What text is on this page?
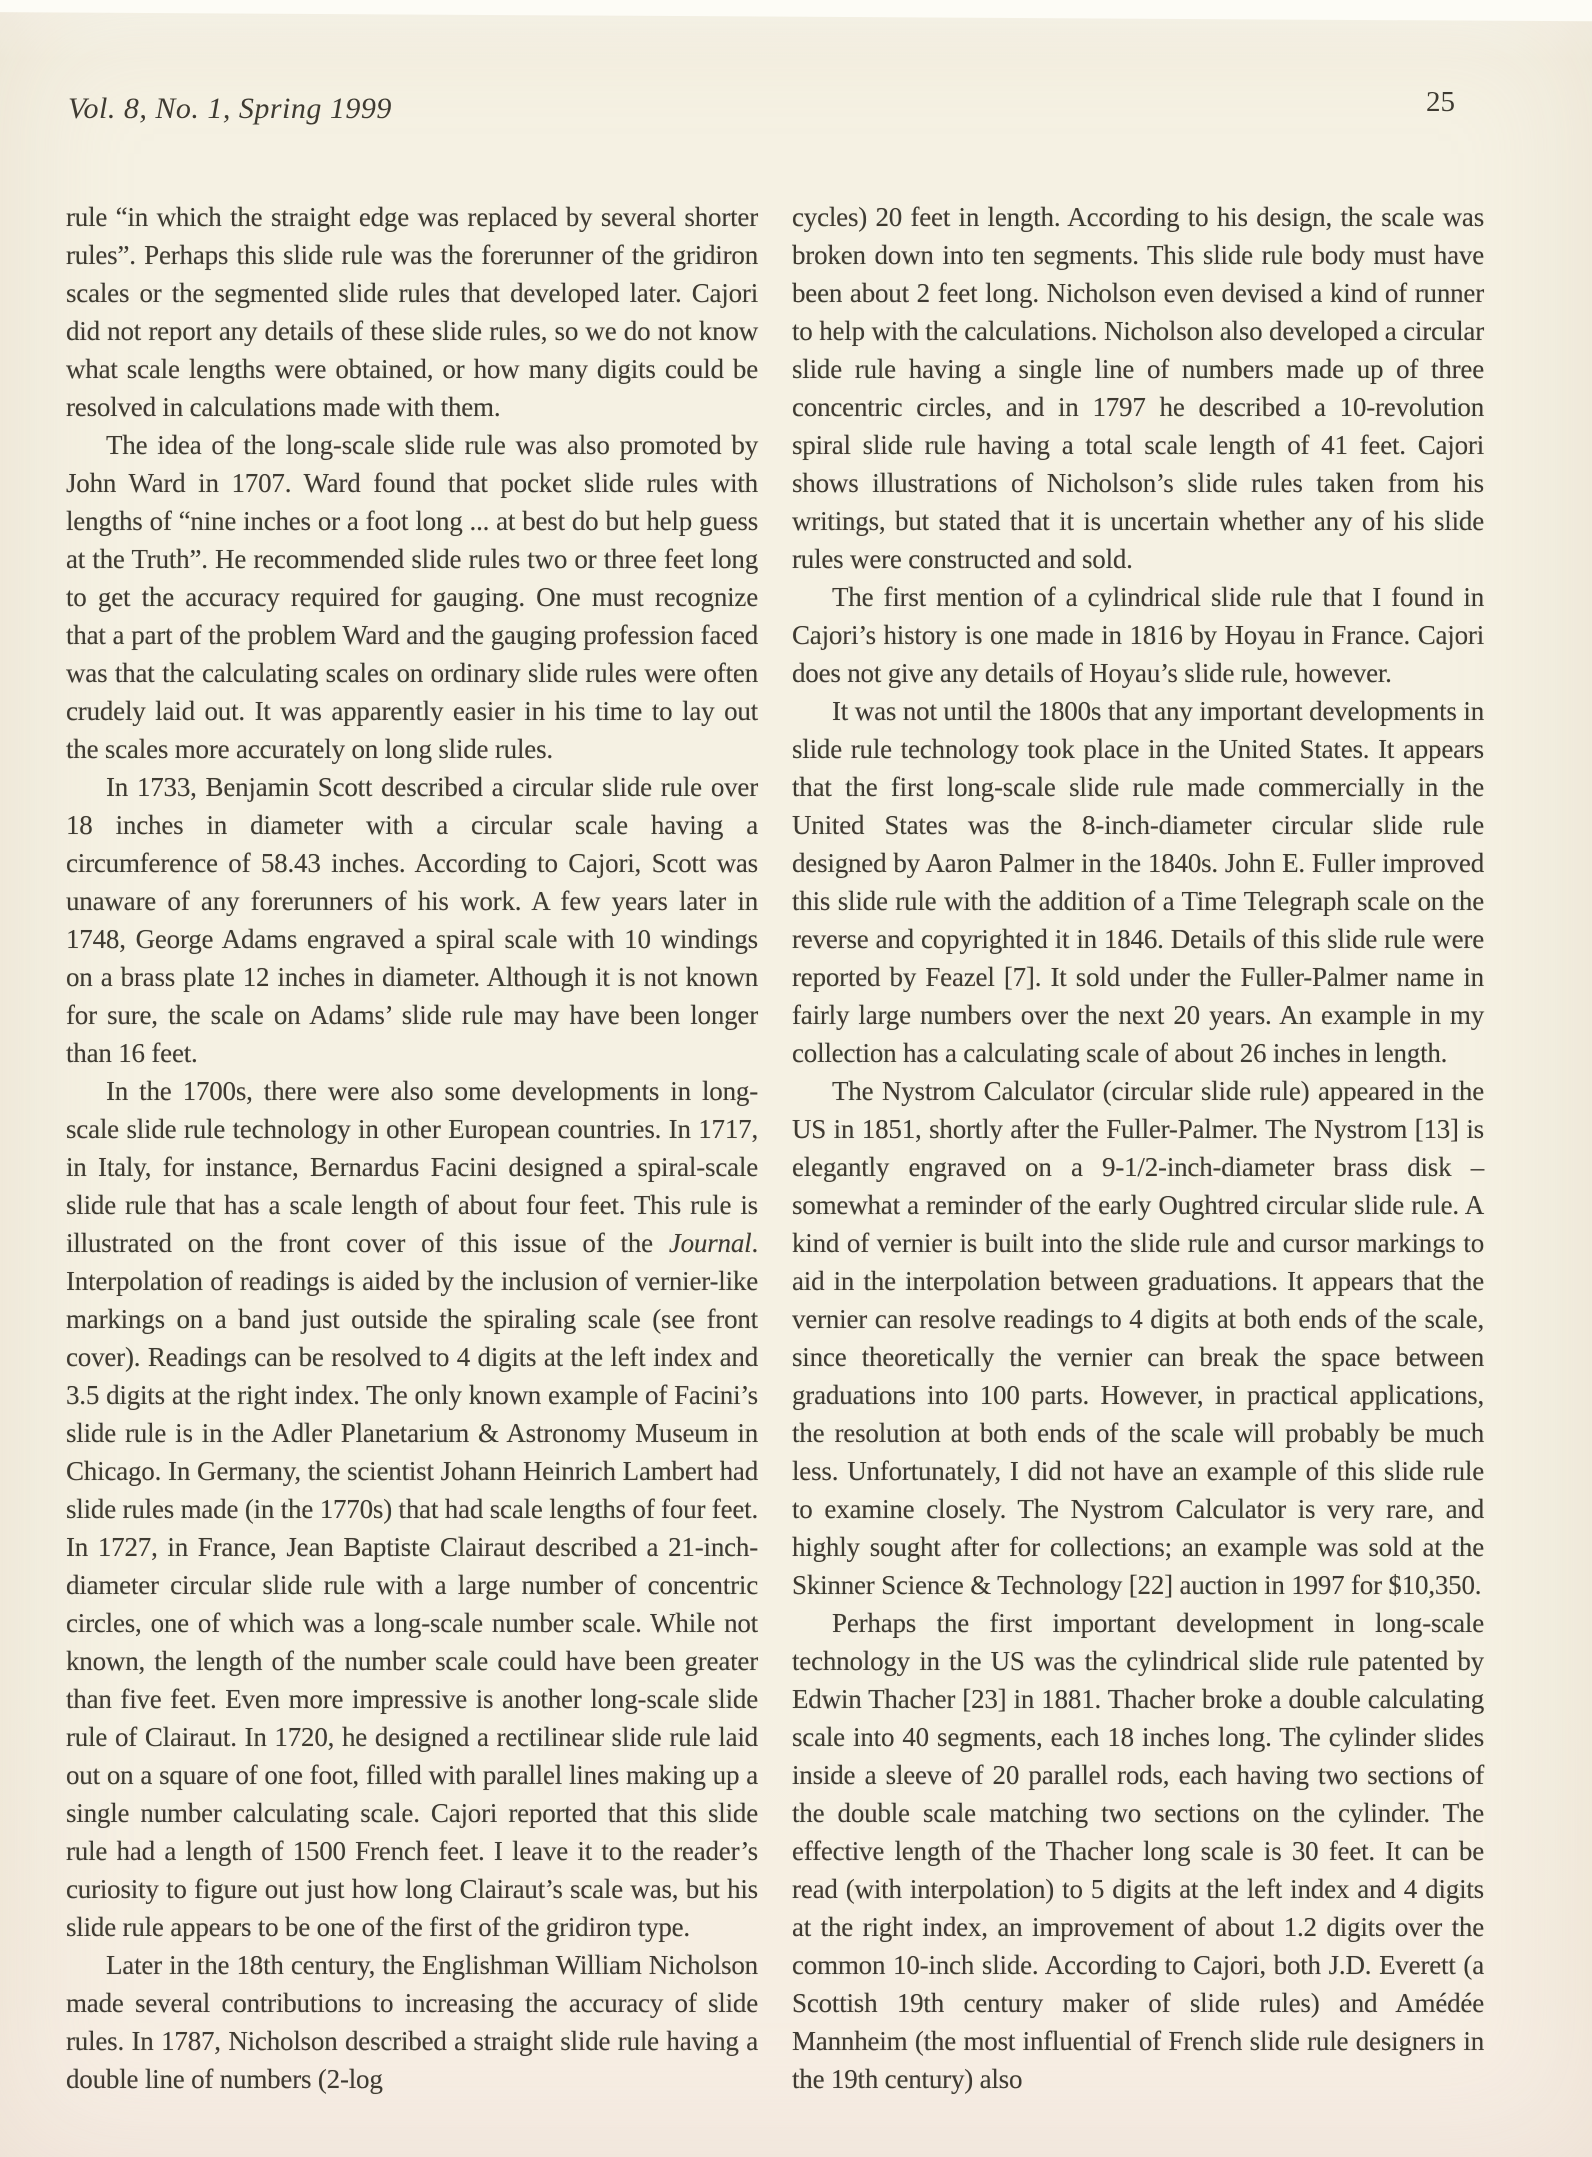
Vol. 8, No. 1, Spring 1999	25

rule “in which the straight edge was replaced by several shorter rules”. Perhaps this slide rule was the forerunner of the gridiron scales or the segmented slide rules that developed later. Cajori did not report any details of these slide rules, so we do not know what scale lengths were obtained, or how many digits could be resolved in calculations made with them.

The idea of the long-scale slide rule was also promoted by John Ward in 1707. Ward found that pocket slide rules with lengths of “nine inches or a foot long ... at best do but help guess at the Truth”. He recommended slide rules two or three feet long to get the accuracy required for gauging. One must recognize that a part of the problem Ward and the gauging profession faced was that the calculating scales on ordinary slide rules were often crudely laid out. It was apparently easier in his time to lay out the scales more accurately on long slide rules.

In 1733, Benjamin Scott described a circular slide rule over 18 inches in diameter with a circular scale having a circumference of 58.43 inches. According to Cajori, Scott was unaware of any forerunners of his work. A few years later in 1748, George Adams engraved a spiral scale with 10 windings on a brass plate 12 inches in diameter. Although it is not known for sure, the scale on Adams’ slide rule may have been longer than 16 feet.

In the 1700s, there were also some developments in long-scale slide rule technology in other European countries. In 1717, in Italy, for instance, Bernardus Facini designed a spiral-scale slide rule that has a scale length of about four feet. This rule is illustrated on the front cover of this issue of the Journal. Interpolation of readings is aided by the inclusion of vernier-like markings on a band just outside the spiraling scale (see front cover). Readings can be resolved to 4 digits at the left index and 3.5 digits at the right index. The only known example of Facini’s slide rule is in the Adler Planetarium & Astronomy Museum in Chicago. In Germany, the scientist Johann Heinrich Lambert had slide rules made (in the 1770s) that had scale lengths of four feet. In 1727, in France, Jean Baptiste Clairaut described a 21-inch-diameter circular slide rule with a large number of concentric circles, one of which was a long-scale number scale. While not known, the length of the number scale could have been greater than five feet. Even more impressive is another long-scale slide rule of Clairaut. In 1720, he designed a rectilinear slide rule laid out on a square of one foot, filled with parallel lines making up a single number calculating scale. Cajori reported that this slide rule had a length of 1500 French feet. I leave it to the reader’s curiosity to figure out just how long Clairaut’s scale was, but his slide rule appears to be one of the first of the gridiron type.

Later in the 18th century, the Englishman William Nicholson made several contributions to increasing the accuracy of slide rules. In 1787, Nicholson described a straight slide rule having a double line of numbers (2-log

cycles) 20 feet in length. According to his design, the scale was broken down into ten segments. This slide rule body must have been about 2 feet long. Nicholson even devised a kind of runner to help with the calculations. Nicholson also developed a circular slide rule having a single line of numbers made up of three concentric circles, and in 1797 he described a 10-revolution spiral slide rule having a total scale length of 41 feet. Cajori shows illustrations of Nicholson’s slide rules taken from his writings, but stated that it is uncertain whether any of his slide rules were constructed and sold.

The first mention of a cylindrical slide rule that I found in Cajori’s history is one made in 1816 by Hoyau in France. Cajori does not give any details of Hoyau’s slide rule, however.

It was not until the 1800s that any important developments in slide rule technology took place in the United States. It appears that the first long-scale slide rule made commercially in the United States was the 8-inch-diameter circular slide rule designed by Aaron Palmer in the 1840s. John E. Fuller improved this slide rule with the addition of a Time Telegraph scale on the reverse and copyrighted it in 1846. Details of this slide rule were reported by Feazel [7]. It sold under the Fuller-Palmer name in fairly large numbers over the next 20 years. An example in my collection has a calculating scale of about 26 inches in length.

The Nystrom Calculator (circular slide rule) appeared in the US in 1851, shortly after the Fuller-Palmer. The Nystrom [13] is elegantly engraved on a 9-1/2-inch-diameter brass disk – somewhat a reminder of the early Oughtred circular slide rule. A kind of vernier is built into the slide rule and cursor markings to aid in the interpolation between graduations. It appears that the vernier can resolve readings to 4 digits at both ends of the scale, since theoretically the vernier can break the space between graduations into 100 parts. However, in practical applications, the resolution at both ends of the scale will probably be much less. Unfortunately, I did not have an example of this slide rule to examine closely. The Nystrom Calculator is very rare, and highly sought after for collections; an example was sold at the Skinner Science & Technology [22] auction in 1997 for $10,350.

Perhaps the first important development in long-scale technology in the US was the cylindrical slide rule patented by Edwin Thacher [23] in 1881. Thacher broke a double calculating scale into 40 segments, each 18 inches long. The cylinder slides inside a sleeve of 20 parallel rods, each having two sections of the double scale matching two sections on the cylinder. The effective length of the Thacher long scale is 30 feet. It can be read (with interpolation) to 5 digits at the left index and 4 digits at the right index, an improvement of about 1.2 digits over the common 10-inch slide. According to Cajori, both J.D. Everett (a Scottish 19th century maker of slide rules) and Amédée Mannheim (the most influential of French slide rule designers in the 19th century) also
